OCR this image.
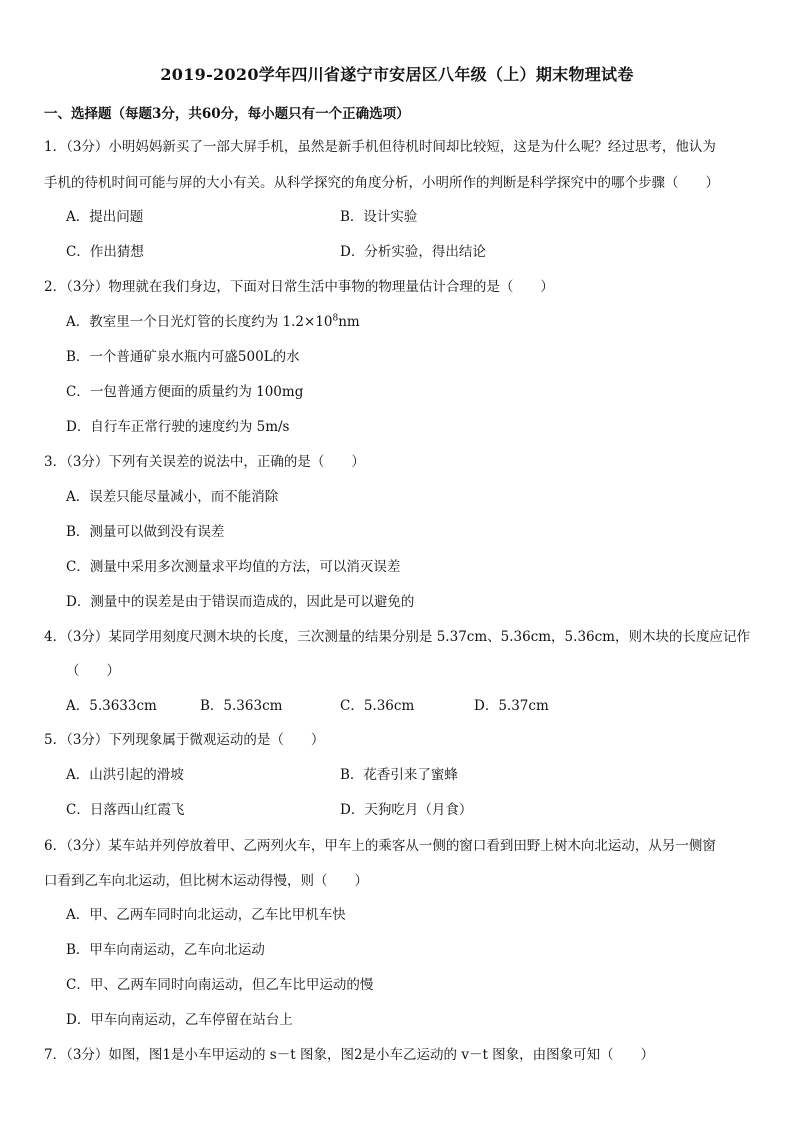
2019-2020学年四川省遂宁市安居区八年级（上）期末物理试卷
一、选择题（每题3分，共60分，每小题只有一个正确选项）
1．（3分）小明妈妈新买了一部大屏手机，虽然是新手机但待机时间却比较短，这是为什么呢？经过思考，他认为
手机的待机时间可能与屏的大小有关。从科学探究的角度分析，小明所作的判断是科学探究中的哪个步骤（　　）
A．提出问题	B．设计实验
C．作出猜想	D．分析实验，得出结论
2．（3分）物理就在我们身边，下面对日常生活中事物的物理量估计合理的是（　　）
A．教室里一个日光灯管的长度约为 $1.2\times 10^8nm$
B．一个普通矿泉水瓶内可盛500L的水
C．一包普通方便面的质量约为 100mg
D．自行车正常行驶的速度约为 5m/s
3．（3分）下列有关误差的说法中，正确的是（　　）
A．误差只能尽量减小，而不能消除
B．测量可以做到没有误差
C．测量中采用多次测量求平均值的方法，可以消灭误差
D．测量中的误差是由于错误而造成的，因此是可以避免的
4．（3分）某同学用刻度尺测木块的长度，三次测量的结果分别是 5.37cm、5.36cm，5.36cm，则木块的长度应记作
（　　）
A．5.3633cm	B．5.363cm	C．5.36cm	D．5.37cm
5．（3分）下列现象属于微观运动的是（　　）
A．山洪引起的滑坡	B．花香引来了蜜蜂
C．日落西山红霞飞	D．天狗吃月（月食）
6．（3分）某车站并列停放着甲、乙两列火车，甲车上的乘客从一侧的窗口看到田野上树木向北运动，从另一侧窗
口看到乙车向北运动，但比树木运动得慢，则（　　）
A．甲、乙两车同时向北运动，乙车比甲机车快
B．甲车向南运动，乙车向北运动
C．甲、乙两车同时向南运动，但乙车比甲运动的慢
D．甲车向南运动，乙车停留在站台上
7．（3分）如图，图1是小车甲运动的 s－t 图象，图2是小车乙运动的 v－t 图象，由图象可知（　　）
